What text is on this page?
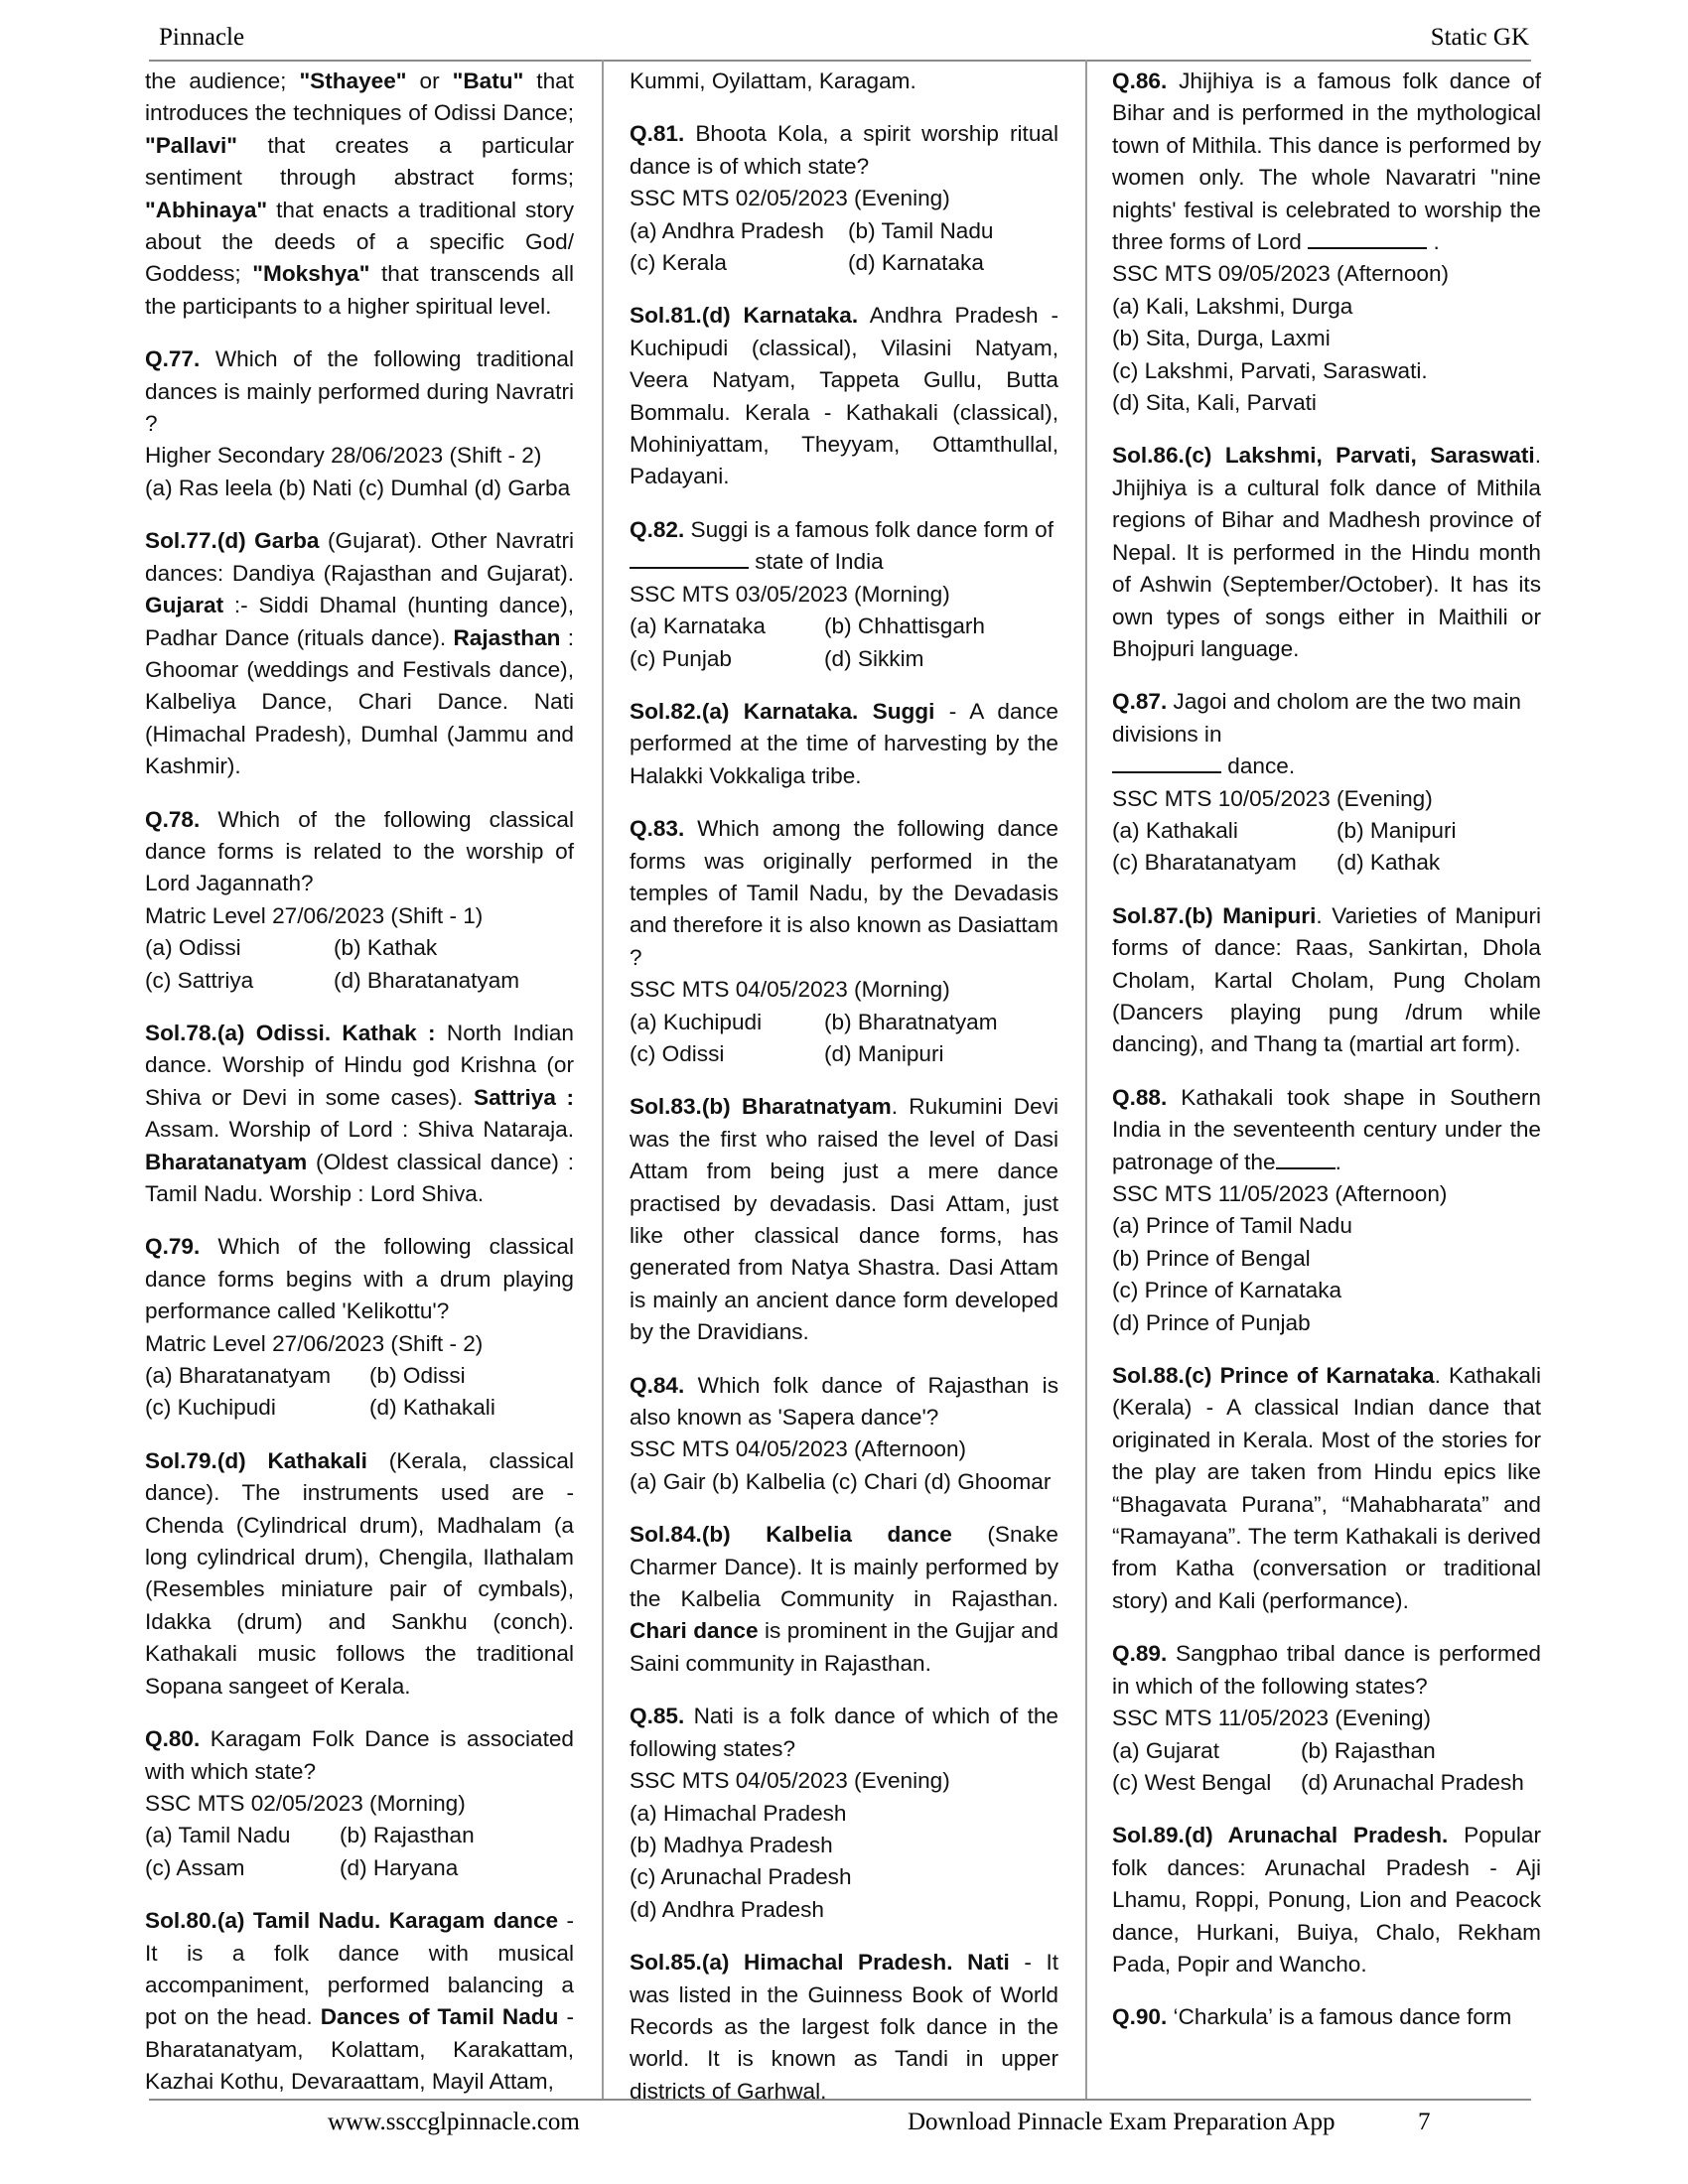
Pinnacle	Static GK

the audience; "Sthayee" or "Batu" that introduces the techniques of Odissi Dance; "Pallavi" that creates a particular sentiment through abstract forms; "Abhinaya" that enacts a traditional story about the deeds of a specific God/ Goddess; "Mokshya" that transcends all the participants to a higher spiritual level.

Q.77. Which of the following traditional dances is mainly performed during Navratri ?
Higher Secondary 28/06/2023 (Shift - 2)
(a) Ras leela (b) Nati (c) Dumhal (d) Garba

Sol.77.(d) Garba (Gujarat). Other Navratri dances: Dandiya (Rajasthan and Gujarat). Gujarat :- Siddi Dhamal (hunting dance), Padhar Dance (rituals dance). Rajasthan : Ghoomar (weddings and Festivals dance), Kalbeliya Dance, Chari Dance. Nati (Himachal Pradesh), Dumhal (Jammu and Kashmir).

Q.78. Which of the following classical dance forms is related to the worship of Lord Jagannath?
Matric Level 27/06/2023 (Shift - 1)
(a) Odissi	(b) Kathak
(c) Sattriya	(d) Bharatanatyam

Sol.78.(a) Odissi. Kathak : North Indian dance. Worship of Hindu god Krishna (or Shiva or Devi in some cases). Sattriya : Assam. Worship of Lord : Shiva Nataraja. Bharatanatyam (Oldest classical dance) : Tamil Nadu. Worship : Lord Shiva.

Q.79. Which of the following classical dance forms begins with a drum playing performance called 'Kelikottu'?
Matric Level 27/06/2023 (Shift - 2)
(a) Bharatanatyam	(b) Odissi
(c) Kuchipudi	(d) Kathakali

Sol.79.(d) Kathakali (Kerala, classical dance). The instruments used are - Chenda (Cylindrical drum), Madhalam (a long cylindrical drum), Chengila, Ilathalam (Resembles miniature pair of cymbals), Idakka (drum) and Sankhu (conch). Kathakali music follows the traditional Sopana sangeet of Kerala.

Q.80. Karagam Folk Dance is associated with which state?
SSC MTS 02/05/2023 (Morning)
(a) Tamil Nadu	(b) Rajasthan
(c) Assam	(d) Haryana

Sol.80.(a) Tamil Nadu. Karagam dance - It is a folk dance with musical accompaniment, performed balancing a pot on the head. Dances of Tamil Nadu - Bharatanatyam, Kolattam, Karakattam, Kazhai Kothu, Devaraattam, Mayil Attam,

Kummi, Oyilattam, Karagam.

Q.81. Bhoota Kola, a spirit worship ritual dance is of which state?
SSC MTS 02/05/2023 (Evening)
(a) Andhra Pradesh	(b) Tamil Nadu
(c) Kerala	(d) Karnataka

Sol.81.(d) Karnataka. Andhra Pradesh - Kuchipudi (classical), Vilasini Natyam, Veera Natyam, Tappeta Gullu, Butta Bommalu. Kerala - Kathakali (classical), Mohiniyattam, Theyyam, Ottamthullal, Padayani.

Q.82. Suggi is a famous folk dance form of
state of India
SSC MTS 03/05/2023 (Morning)
(a) Karnataka	(b) Chhattisgarh
(c) Punjab	(d) Sikkim

Sol.82.(a) Karnataka. Suggi - A dance performed at the time of harvesting by the Halakki Vokkaliga tribe.

Q.83. Which among the following dance forms was originally performed in the temples of Tamil Nadu, by the Devadasis and therefore it is also known as Dasiattam ?
SSC MTS 04/05/2023 (Morning)
(a) Kuchipudi	(b) Bharatnatyam
(c) Odissi	(d) Manipuri

Sol.83.(b) Bharatnatyam. Rukumini Devi was the first who raised the level of Dasi Attam from being just a mere dance practised by devadasis. Dasi Attam, just like other classical dance forms, has generated from Natya Shastra. Dasi Attam is mainly an ancient dance form developed by the Dravidians.

Q.84. Which folk dance of Rajasthan is also known as 'Sapera dance'?
SSC MTS 04/05/2023 (Afternoon)
(a) Gair (b) Kalbelia (c) Chari (d) Ghoomar

Sol.84.(b) Kalbelia dance (Snake Charmer Dance). It is mainly performed by the Kalbelia Community in Rajasthan. Chari dance is prominent in the Gujjar and Saini community in Rajasthan.

Q.85. Nati is a folk dance of which of the following states?
SSC MTS 04/05/2023 (Evening)
(a) Himachal Pradesh
(b) Madhya Pradesh
(c) Arunachal Pradesh
(d) Andhra Pradesh

Sol.85.(a) Himachal Pradesh. Nati - It was listed in the Guinness Book of World Records as the largest folk dance in the world. It is known as Tandi in upper districts of Garhwal.

Q.86. Jhijhiya is a famous folk dance of Bihar and is performed in the mythological town of Mithila. This dance is performed by women only. The whole Navaratri "nine nights' festival is celebrated to worship the three forms of Lord	.
SSC MTS 09/05/2023 (Afternoon)
(a) Kali, Lakshmi, Durga
(b) Sita, Durga, Laxmi
(c) Lakshmi, Parvati, Saraswati.
(d) Sita, Kali, Parvati

Sol.86.(c) Lakshmi, Parvati, Saraswati. Jhijhiya is a cultural folk dance of Mithila regions of Bihar and Madhesh province of Nepal. It is performed in the Hindu month of Ashwin (September/October). It has its own types of songs either in Maithili or Bhojpuri language.

Q.87. Jagoi and cholom are the two main divisions in
dance.
SSC MTS 10/05/2023 (Evening)
(a) Kathakali	(b) Manipuri
(c) Bharatanatyam	(d) Kathak

Sol.87.(b) Manipuri. Varieties of Manipuri forms of dance: Raas, Sankirtan, Dhola Cholam, Kartal Cholam, Pung Cholam (Dancers playing pung /drum while dancing), and Thang ta (martial art form).

Q.88. Kathakali took shape in Southern India in the seventeenth century under the patronage of the	.
SSC MTS 11/05/2023 (Afternoon)
(a) Prince of Tamil Nadu
(b) Prince of Bengal
(c) Prince of Karnataka
(d) Prince of Punjab

Sol.88.(c) Prince of Karnataka. Kathakali (Kerala) - A classical Indian dance that originated in Kerala. Most of the stories for the play are taken from Hindu epics like “Bhagavata Purana”, “Mahabharata” and “Ramayana”. The term Kathakali is derived from Katha (conversation or traditional story) and Kali (performance).

Q.89. Sangphao tribal dance is performed in which of the following states?
SSC MTS 11/05/2023 (Evening)
(a) Gujarat	(b) Rajasthan
(c) West Bengal	(d) Arunachal Pradesh

Sol.89.(d) Arunachal Pradesh. Popular folk dances: Arunachal Pradesh - Aji Lhamu, Roppi, Ponung, Lion and Peacock dance, Hurkani, Buiya, Chalo, Rekham Pada, Popir and Wancho.

Q.90. ‘Charkula’ is a famous dance form
www.ssccglpinnacle.com	Download Pinnacle Exam Preparation App	7
